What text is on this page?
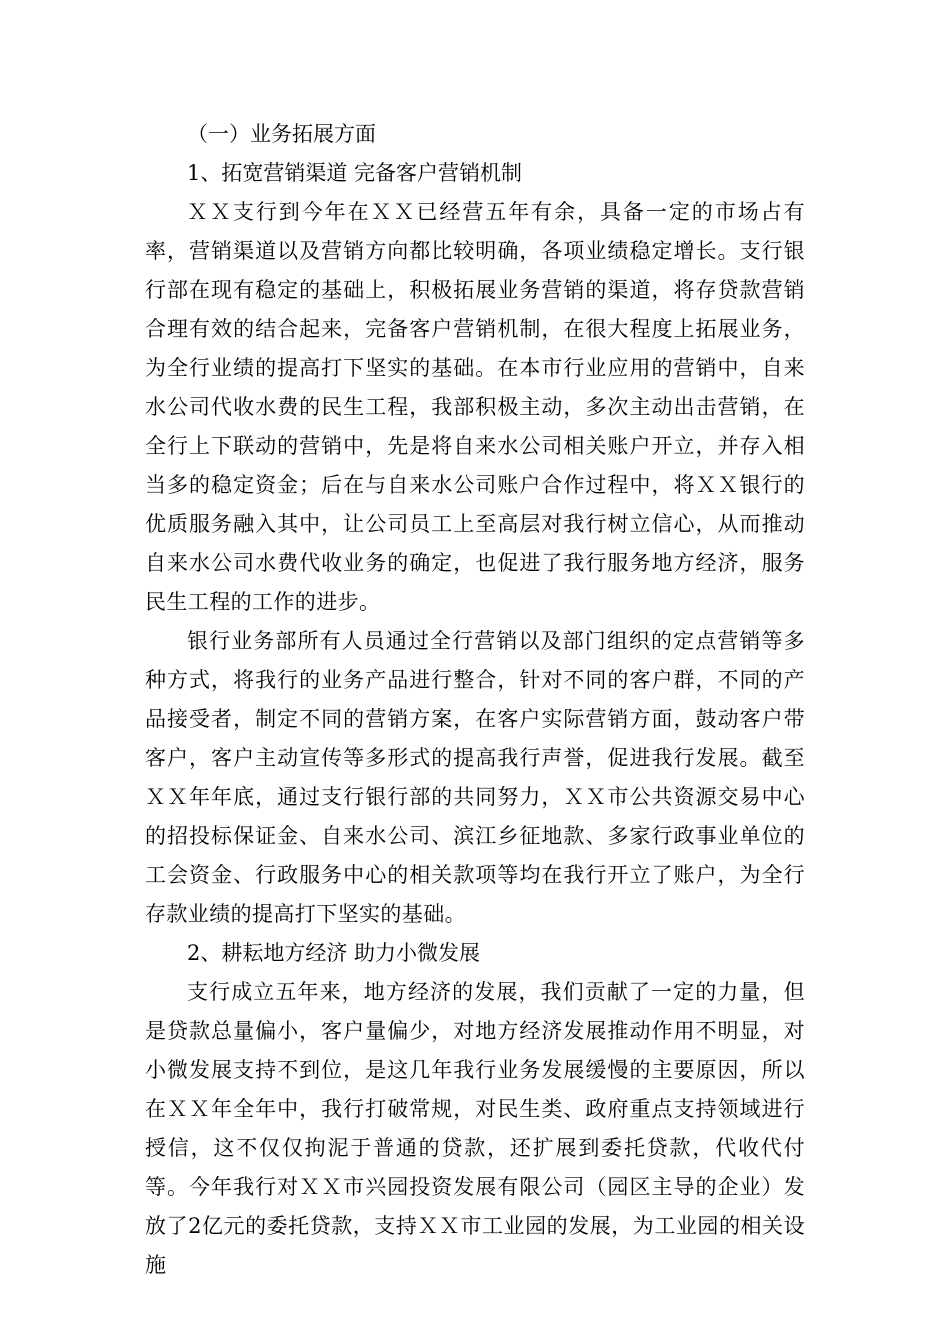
（一）业务拓展方面

1、拓宽营销渠道 完备客户营销机制

ＸＸ支行到今年在ＸＸ已经营五年有余，具备一定的市场占有率，营销渠道以及营销方向都比较明确，各项业绩稳定增长。支行银行部在现有稳定的基础上，积极拓展业务营销的渠道，将存贷款营销合理有效的结合起来，完备客户营销机制，在很大程度上拓展业务，为全行业绩的提高打下坚实的基础。在本市行业应用的营销中，自来水公司代收水费的民生工程，我部积极主动，多次主动出击营销，在全行上下联动的营销中，先是将自来水公司相关账户开立，并存入相当多的稳定资金；后在与自来水公司账户合作过程中，将ＸＸ银行的优质服务融入其中，让公司员工上至高层对我行树立信心，从而推动自来水公司水费代收业务的确定，也促进了我行服务地方经济，服务民生工程的工作的进步。

银行业务部所有人员通过全行营销以及部门组织的定点营销等多种方式，将我行的业务产品进行整合，针对不同的客户群，不同的产品接受者，制定不同的营销方案，在客户实际营销方面，鼓动客户带客户，客户主动宣传等多形式的提高我行声誉，促进我行发展。截至ＸＸ年年底，通过支行银行部的共同努力，ＸＸ市公共资源交易中心的招投标保证金、自来水公司、滨江乡征地款、多家行政事业单位的工会资金、行政服务中心的相关款项等均在我行开立了账户，为全行存款业绩的提高打下坚实的基础。

2、耕耘地方经济 助力小微发展

支行成立五年来，地方经济的发展，我们贡献了一定的力量，但是贷款总量偏小，客户量偏少，对地方经济发展推动作用不明显，对小微发展支持不到位，是这几年我行业务发展缓慢的主要原因，所以在ＸＸ年全年中，我行打破常规，对民生类、政府重点支持领域进行授信，这不仅仅拘泥于普通的贷款，还扩展到委托贷款，代收代付等。今年我行对ＸＸ市兴园投资发展有限公司（园区主导的企业）发放了2亿元的委托贷款，支持ＸＸ市工业园的发展，为工业园的相关设施
